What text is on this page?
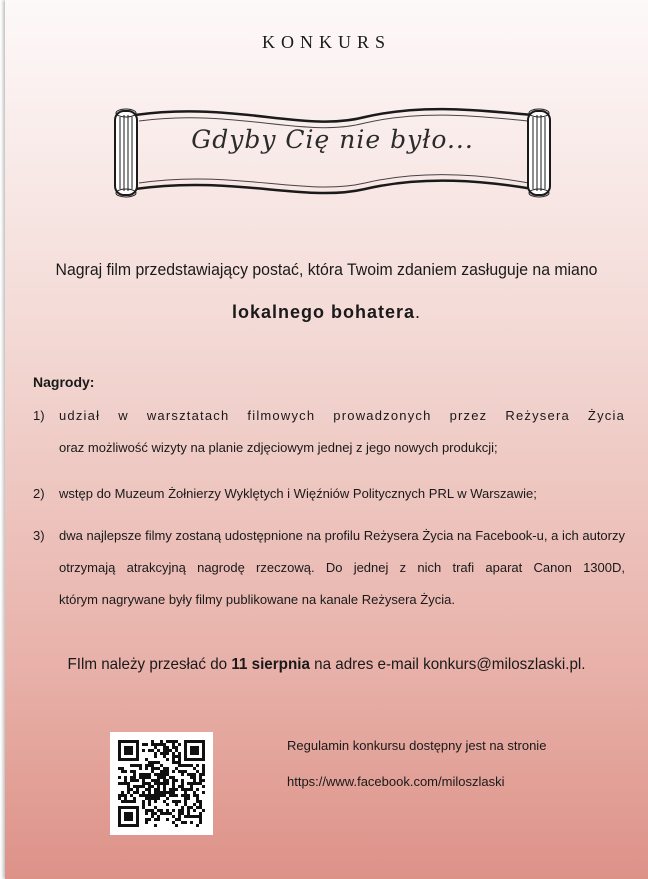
KONKURS
Gdyby Cię nie było...
Nagraj film przedstawiający postać, która Twoim zdaniem zasługuje na miano
lokalnego bohatera.
Nagrody:
1) udział w warsztatach filmowych prowadzonych przez Reżysera Życia
oraz możliwość wizyty na planie zdjęciowym jednej z jego nowych produkcji;
2) wstęp do Muzeum Żołnierzy Wyklętych i Więźniów Politycznych PRL w Warszawie;
3) dwa najlepsze filmy zostaną udostępnione na profilu Reżysera Życia na Facebook-u, a ich autorzy
otrzymają atrakcyjną nagrodę rzeczową. Do jednej z nich trafi aparat Canon 1300D,
którym nagrywane były filmy publikowane na kanale Reżysera Życia.
FIlm należy przesłać do 11 sierpnia na adres e-mail konkurs@miloszlaski.pl.
Regulamin konkursu dostępny jest na stronie
https://www.facebook.com/miloszlaski
